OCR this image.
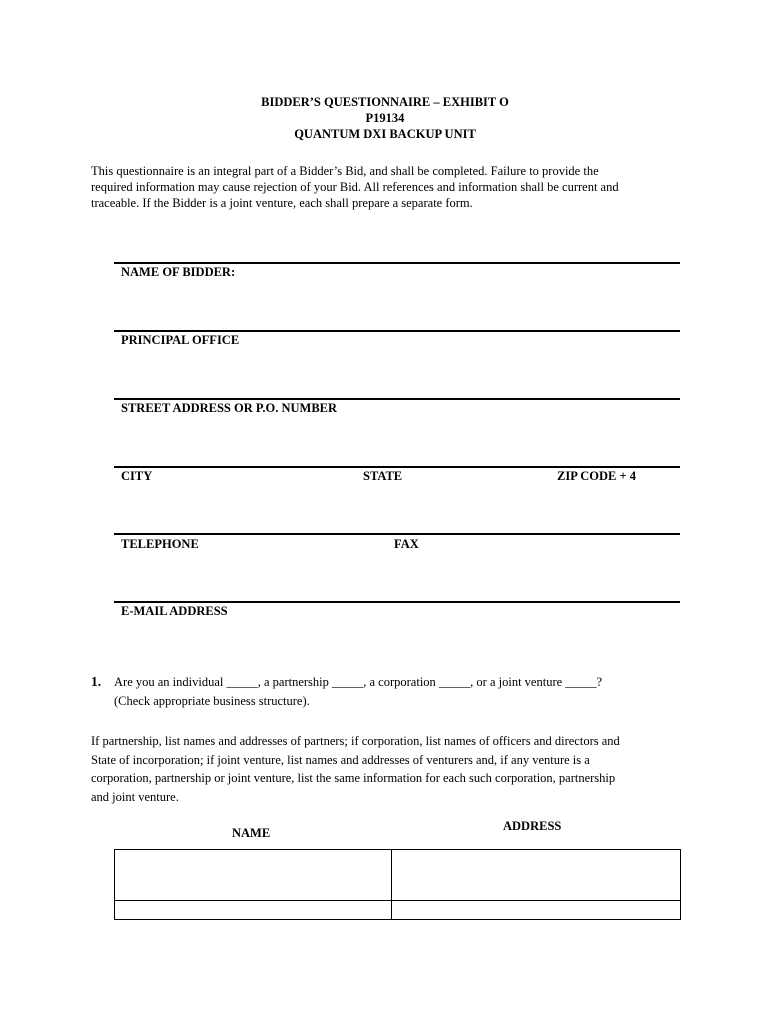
BIDDER’S QUESTIONNAIRE – EXHIBIT O
P19134
QUANTUM DXI BACKUP UNIT
This questionnaire is an integral part of a Bidder’s Bid, and shall be completed. Failure to provide the
required information may cause rejection of your Bid. All references and information shall be current and
traceable. If the Bidder is a joint venture, each shall prepare a separate form.
NAME OF BIDDER:
PRINCIPAL OFFICE
STREET ADDRESS OR P.O. NUMBER
CITY	STATE	ZIP CODE + 4
TELEPHONE	FAX
E-MAIL ADDRESS
1. Are you an individual _____, a partnership _____, a corporation _____, or a joint venture _____?
(Check appropriate business structure).
If partnership, list names and addresses of partners; if corporation, list names of officers and directors and
State of incorporation; if joint venture, list names and addresses of venturers and, if any venture is a
corporation, partnership or joint venture, list the same information for each such corporation, partnership
and joint venture.
NAME	ADDRESS
